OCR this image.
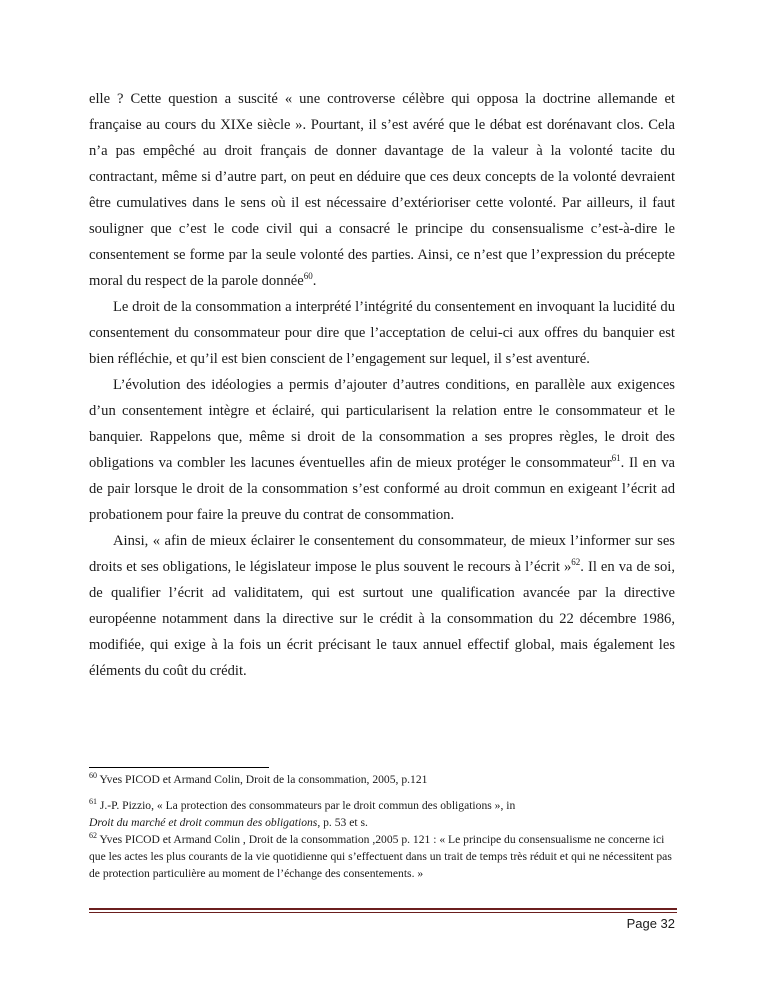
elle ? Cette question a suscité « une controverse célèbre qui opposa la doctrine allemande et française au cours du XIXe siècle ». Pourtant, il s’est avéré que le débat est dorénavant clos. Cela n’a pas empêché au droit français de donner davantage de la valeur à la volonté tacite du contractant, même si d’autre part, on peut en déduire que ces deux concepts de la volonté devraient être cumulatives dans le sens où il est nécessaire d’extérioriser cette volonté. Par ailleurs, il faut souligner que c’est le code civil qui a consacré le principe du consensualisme c’est-à-dire le consentement se forme par la seule volonté des parties. Ainsi, ce n’est que l’expression du précepte moral du respect de la parole donnée$^{60}$.

Le droit de la consommation a interprété l’intégrité du consentement en invoquant la lucidité du consentement du consommateur pour dire que l’acceptation de celui-ci aux offres du banquier est bien réfléchie, et qu’il est bien conscient de l’engagement sur lequel, il s’est aventuré.

L’évolution des idéologies a permis d’ajouter d’autres conditions, en parallèle aux exigences d’un consentement intègre et éclairé, qui particularisent la relation entre le consommateur et le banquier. Rappelons que, même si droit de la consommation a ses propres règles, le droit des obligations va combler les lacunes éventuelles afin de mieux protéger le consommateur$^{61}$. Il en va de pair lorsque le droit de la consommation s’est conformé au droit commun en exigeant l’écrit ad probationem pour faire la preuve du contrat de consommation.

Ainsi, « afin de mieux éclairer le consentement du consommateur, de mieux l’informer sur ses droits et ses obligations, le législateur impose le plus souvent le recours à l’écrit »$^{62}$. Il en va de soi, de qualifier l’écrit ad validitatem, qui est surtout une qualification avancée par la directive européenne notamment dans la directive sur le crédit à la consommation du 22 décembre 1986, modifiée, qui exige à la fois un écrit précisant le taux annuel effectif global, mais également les éléments du coût du crédit.

$^{60}$ Yves PICOD et Armand Colin, Droit de la consommation, 2005, p.121

$^{61}$ J.-P. Pizzio, « La protection des consommateurs par le droit commun des obligations », in
Droit du marché et droit commun des obligations, p. 53 et s.

$^{62}$ Yves PICOD et Armand Colin , Droit de la consommation ,2005 p. 121 : « Le principe du consensualisme ne concerne ici que les actes les plus courants de la vie quotidienne qui s’effectuent dans un trait de temps très réduit et qui ne nécessitent pas de protection particulière au moment de l’échange des consentements. »

Page 32
